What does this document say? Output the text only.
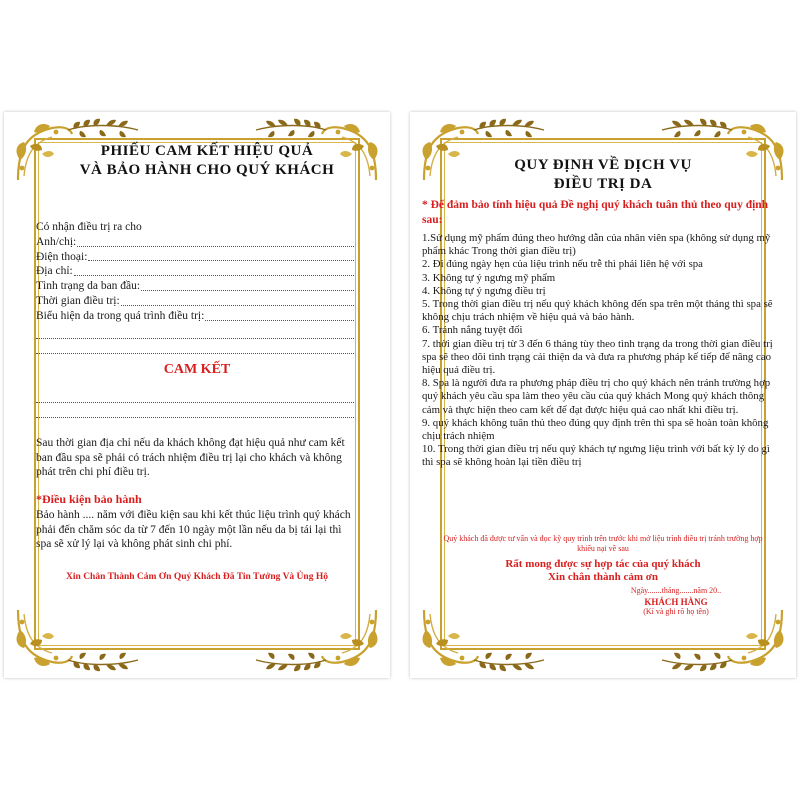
PHIẾU CAM KẾT HIỆU QUẢ
VÀ BẢO HÀNH CHO QUÝ KHÁCH
Có nhận điều trị ra cho
Anh/chị:
Điện thoại:
Địa chỉ:
Tình trạng da ban đầu:
Thời gian điều trị:
Biểu hiện da trong quá trình điều trị:
CAM KẾT
Sau thời gian địa chỉ nếu da khách không đạt hiệu quả như cam kết ban đầu spa sẽ phải có trách nhiệm điều trị lại cho khách và không phát trên chi phí điều trị.
*Điều kiện bảo hành
Bảo hành .... năm với điều kiện sau khi kết thúc liệu trình quý khách phải đến chăm sóc da từ 7 đến 10 ngày một lần nếu da bị tái lại thì spa sẽ xử lý lại và không phát sinh chi phí.
Xin Chân Thành Cảm Ơn Quý Khách Đã Tin Tưởng Và Ủng Hộ
QUY ĐỊNH VỀ DỊCH VỤ
ĐIỀU TRỊ DA
* Để đảm bảo tính hiệu quả Đề nghị quý khách tuân thủ theo quy định sau:
1.Sử dụng mỹ phẩm đúng theo hướng dẫn của nhân viên spa (không sử dụng mỹ phẩm khác Trong thời gian điều trị)
2. Đi đúng ngày hẹn của liệu trình nếu trễ thì phải liên hệ với spa
3. Không tự ý ngưng mỹ phẩm
4. Không tự ý ngưng điều trị
5. Trong thời gian điều trị nếu quý khách không đến spa trên một tháng thì spa sẽ không chịu trách nhiệm về hiệu quả và bảo hành.
6. Tránh nắng tuyệt đối
7. thời gian điều trị từ 3 đến 6 tháng tùy theo tình trạng da trong thời gian điều trị spa sẽ theo dõi tình trạng cải thiện da và đưa ra phương pháp kế tiếp để nâng cao hiệu quả điều trị.
8. Spa là người đưa ra phương pháp điều trị cho quý khách nên tránh trường hợp quý khách yêu cầu spa làm theo yêu cầu của quý khách Mong quý khách thông cảm và thực hiện theo cam kết để đạt được hiệu quả cao nhất khi điều trị.
9. quý khách không tuân thủ theo đúng quy định trên thì spa sẽ hoàn toàn không chịu trách nhiệm
10. Trong thời gian điều trị nếu quý khách tự ngưng liệu trình với bất kỳ lý do gì thì spa sẽ không hoàn lại tiền điều trị
Quý khách đã được tư vấn và đọc kỹ quy trình trên trước khi mở liệu trình điều trị tránh trường hợp khiếu nại về sau
Rất mong được sự hợp tác của quý khách
Xin chân thành cảm ơn
Ngày.......tháng.......năm 20..
KHÁCH HÀNG
(Kí và ghi rõ họ tên)
